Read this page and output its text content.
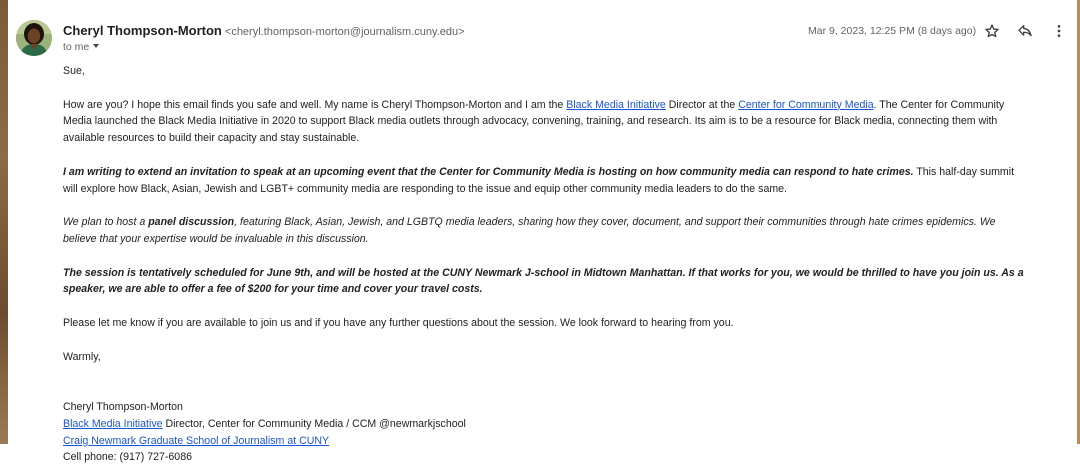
Cheryl Thompson-Morton <cheryl.thompson-morton@journalism.cuny.edu>
to me
Mar 9, 2023, 12:25 PM (8 days ago)

Sue,

How are you? I hope this email finds you safe and well. My name is Cheryl Thompson-Morton and I am the Black Media Initiative Director at the Center for Community Media. The Center for Community

Media launched the Black Media Initiative in 2020 to support Black media outlets through advocacy, convening, training, and research. Its aim is to be a resource for Black media, connecting them with

available resources to build their capacity and stay sustainable.

I am writing to extend an invitation to speak at an upcoming event that the Center for Community Media is hosting on how community media can respond to hate crimes. This half-day summit

will explore how Black, Asian, Jewish and LGBT+ community media are responding to the issue and equip other community media leaders to do the same.

We plan to host a panel discussion, featuring Black, Asian, Jewish, and LGBTQ media leaders, sharing how they cover, document, and support their communities through hate crimes epidemics. We

believe that your expertise would be invaluable in this discussion.

The session is tentatively scheduled for June 9th, and will be hosted at the CUNY Newmark J-school in Midtown Manhattan. If that works for you, we would be thrilled to have you join us. As a

speaker, we are able to offer a fee of $200 for your time and cover your travel costs.

Please let me know if you are available to join us and if you have any further questions about the session. We look forward to hearing from you.

Warmly,

Cheryl Thompson-Morton

Black Media Initiative Director, Center for Community Media / CCM @newmarkjschool

Craig Newmark Graduate School of Journalism at CUNY

Cell phone: (917) 727-6086
